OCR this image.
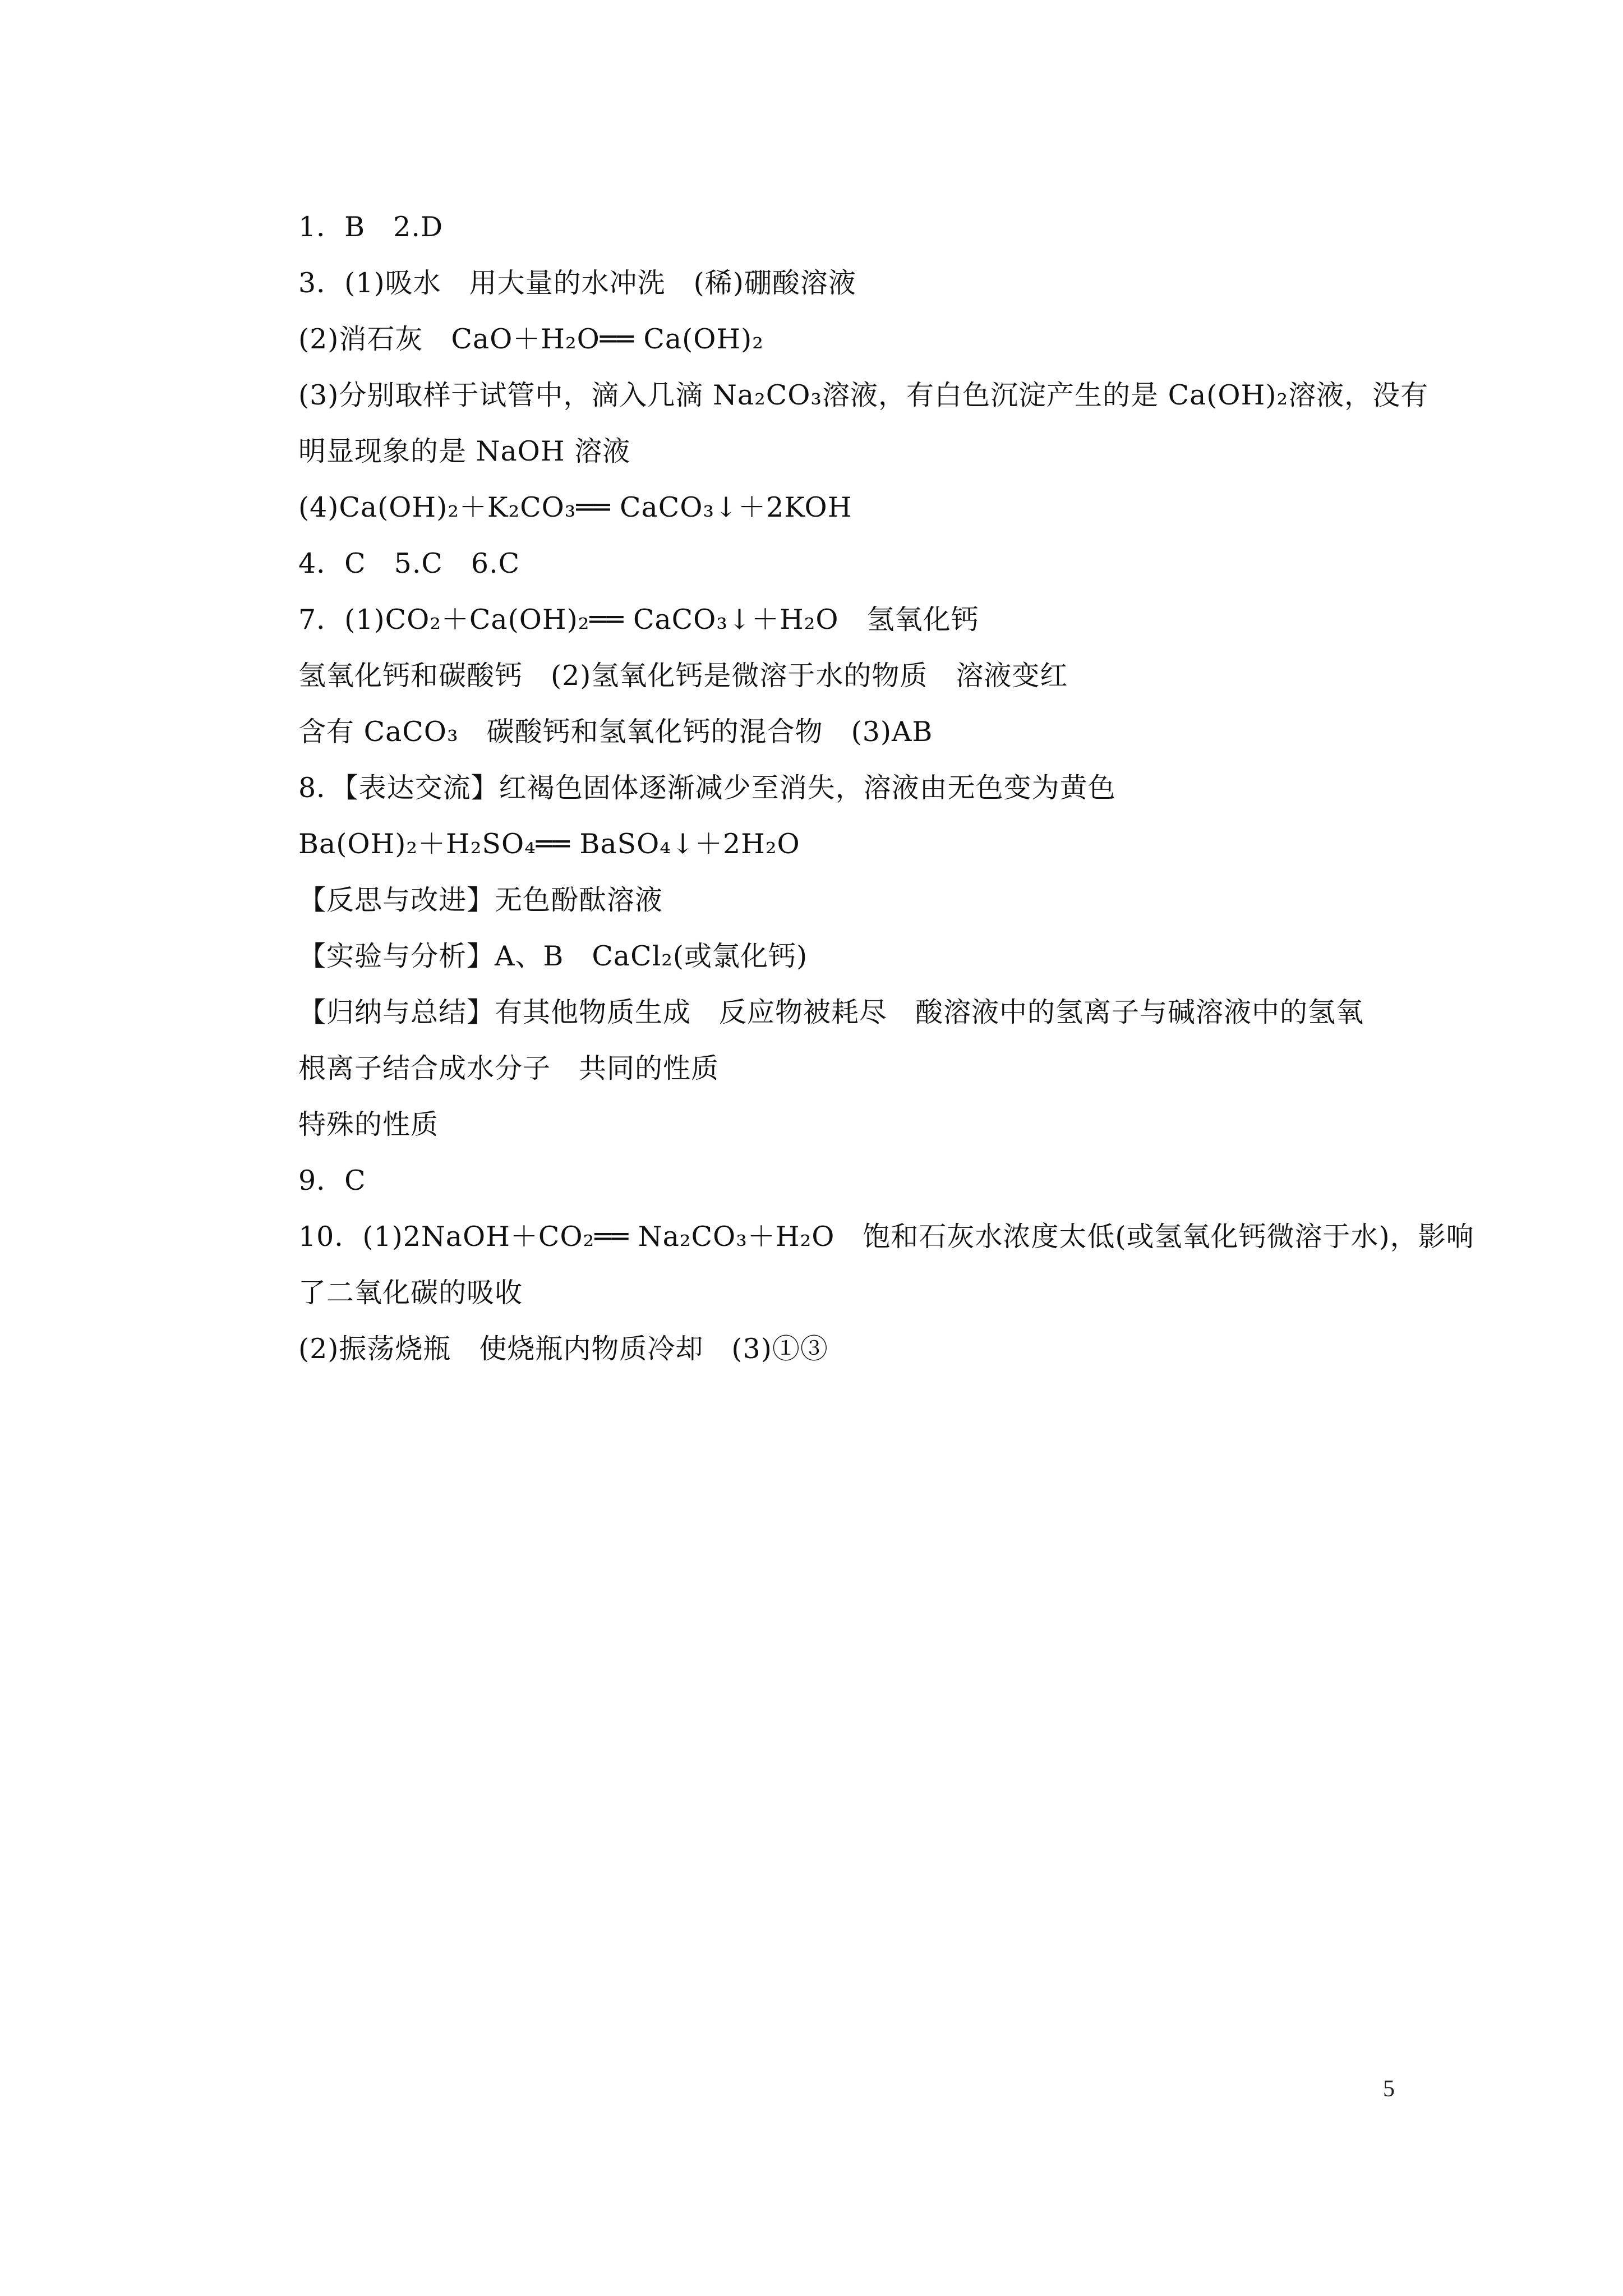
1．B　2.D
3．(1)吸水　用大量的水冲洗　(稀)硼酸溶液
(2)消石灰　CaO＋H₂O══ Ca(OH)₂
(3)分别取样于试管中，滴入几滴 Na₂CO₃溶液，有白色沉淀产生的是 Ca(OH)₂溶液，没有
明显现象的是 NaOH 溶液
(4)Ca(OH)₂＋K₂CO₃══ CaCO₃↓＋2KOH
4．C　5.C　6.C
7．(1)CO₂＋Ca(OH)₂══ CaCO₃↓＋H₂O　氢氧化钙
氢氧化钙和碳酸钙　(2)氢氧化钙是微溶于水的物质　溶液变红
含有 CaCO₃　碳酸钙和氢氧化钙的混合物　(3)AB
8．【表达交流】红褐色固体逐渐减少至消失，溶液由无色变为黄色
Ba(OH)₂＋H₂SO₄══ BaSO₄↓＋2H₂O
【反思与改进】无色酚酞溶液
【实验与分析】A、B　CaCl₂(或氯化钙)
【归纳与总结】有其他物质生成　反应物被耗尽　酸溶液中的氢离子与碱溶液中的氢氧
根离子结合成水分子　共同的性质
特殊的性质
9．C
10．(1)2NaOH＋CO₂══ Na₂CO₃＋H₂O　饱和石灰水浓度太低(或氢氧化钙微溶于水)，影响
了二氧化碳的吸收
(2)振荡烧瓶　使烧瓶内物质冷却　(3)①③
5
